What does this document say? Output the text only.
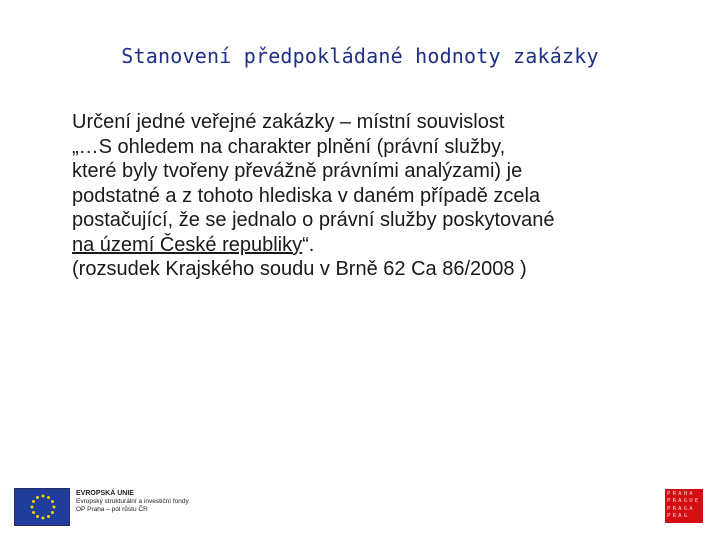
Stanovení předpokládané hodnoty zakázky

Určení jedné veřejné zakázky – místní souvislost

„…S ohledem na charakter plnění (právní služby,

které byly tvořeny převážně právními analýzami) je

podstatné a z tohoto hlediska v daném případě zcela

postačující, že se jednalo o právní služby poskytované

na území České republiky“.

(rozsudek Krajského soudu v Brně 62 Ca 86/2008 )

EVROPSKÁ UNIE
Evropský strukturální a investiční fondy
OP Praha – pól růstu ČR
PRAHA
PRAGUE
PRAGA
PRAG
